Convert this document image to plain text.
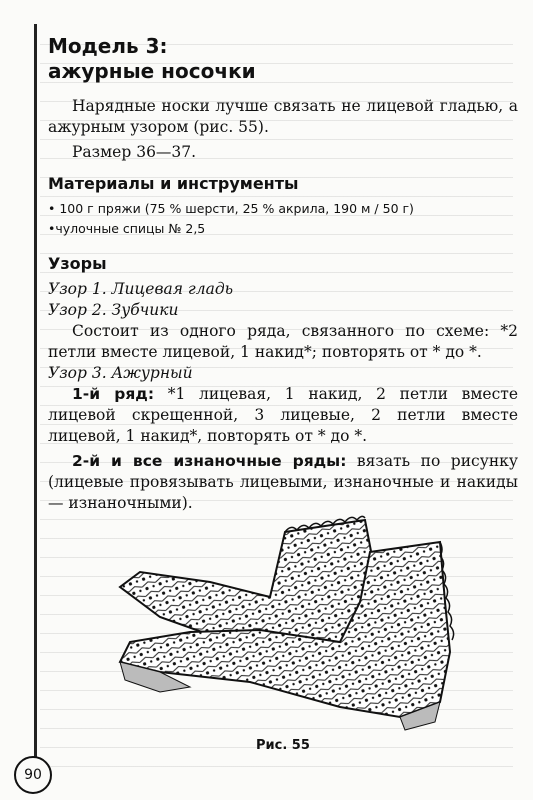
Модель 3:
ажурные носочки

Нарядные носки лучше связать не лицевой гладью, а ажурным узором (рис. 55).

Размер 36—37.

Материалы и инструменты

• 100 г пряжи (75 % шерсти, 25 % акрила, 190 м / 50 г)

•чулочные спицы № 2,5

Узоры

Узор 1. Лицевая гладь

Узор 2. Зубчики

Состоит из одного ряда, связанного по схеме: *2 петли вместе лицевой, 1 накид*; повторять от * до *.

Узор 3. Ажурный

1-й ряд: *1 лицевая, 1 накид, 2 петли вместе лицевой скрещенной, 3 лицевые, 2 петли вместе лицевой, 1 накид*, повторять от * до *.

2-й и все изнаночные ряды: вязать по рисунку (лицевые провязывать лицевыми, изнаночные и накиды — изнаночными).

Рис. 55
90
